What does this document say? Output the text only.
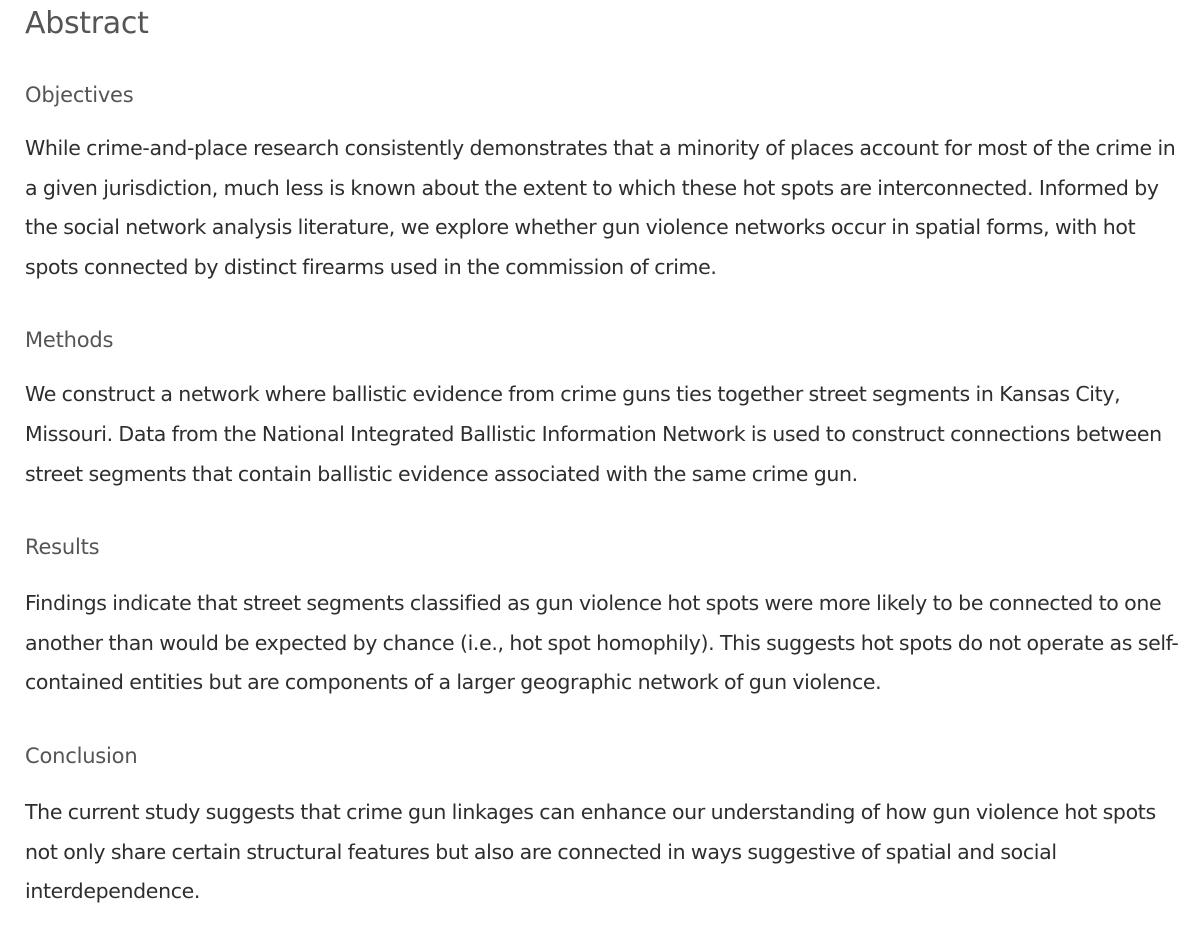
Abstract
Objectives

While crime-and-place research consistently demonstrates that a minority of places account for most of the crime in a given jurisdiction, much less is known about the extent to which these hot spots are interconnected. Informed by the social network analysis literature, we explore whether gun violence networks occur in spatial forms, with hot spots connected by distinct firearms used in the commission of crime.

Methods

We construct a network where ballistic evidence from crime guns ties together street segments in Kansas City, Missouri. Data from the National Integrated Ballistic Information Network is used to construct connections between street segments that contain ballistic evidence associated with the same crime gun.

Results

Findings indicate that street segments classified as gun violence hot spots were more likely to be connected to one another than would be expected by chance (i.e., hot spot homophily). This suggests hot spots do not operate as self-contained entities but are components of a larger geographic network of gun violence.

Conclusion

The current study suggests that crime gun linkages can enhance our understanding of how gun violence hot spots not only share certain structural features but also are connected in ways suggestive of spatial and social interdependence.
